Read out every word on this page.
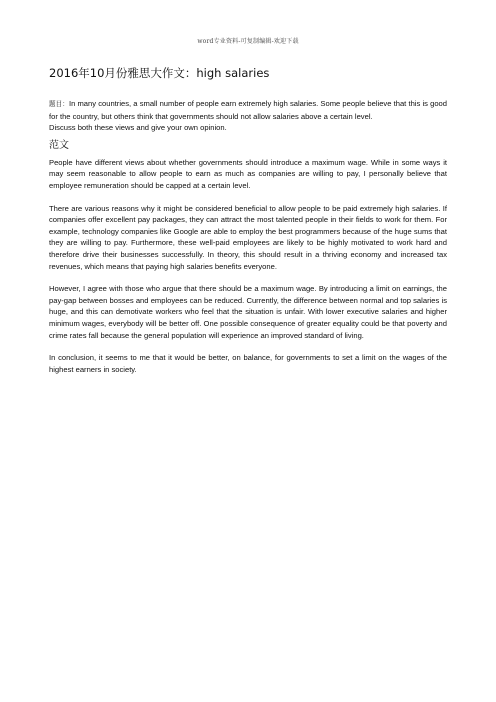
word专业资料-可复制编辑-欢迎下载
2016年10月份雅思大作文：high salaries

题目：In many countries, a small number of people earn extremely high salaries. Some people believe that this is good for the country, but others think that governments should not allow salaries above a certain level.

Discuss both these views and give your own opinion.

范文

People have different views about whether governments should introduce a maximum wage. While in some ways it may seem reasonable to allow people to earn as much as companies are willing to pay, I personally believe that employee remuneration should be capped at a certain level.

There are various reasons why it might be considered beneficial to allow people to be paid extremely high salaries. If companies offer excellent pay packages, they can attract the most talented people in their fields to work for them. For example, technology companies like Google are able to employ the best programmers because of the huge sums that they are willing to pay. Furthermore, these well-paid employees are likely to be highly motivated to work hard and therefore drive their businesses successfully. In theory, this should result in a thriving economy and increased tax revenues, which means that paying high salaries benefits everyone.

However, I agree with those who argue that there should be a maximum wage. By introducing a limit on earnings, the pay-gap between bosses and employees can be reduced. Currently, the difference between normal and top salaries is huge, and this can demotivate workers who feel that the situation is unfair. With lower executive salaries and higher minimum wages, everybody will be better off. One possible consequence of greater equality could be that poverty and crime rates fall because the general population will experience an improved standard of living.

In conclusion, it seems to me that it would be better, on balance, for governments to set a limit on the wages of the highest earners in society.
